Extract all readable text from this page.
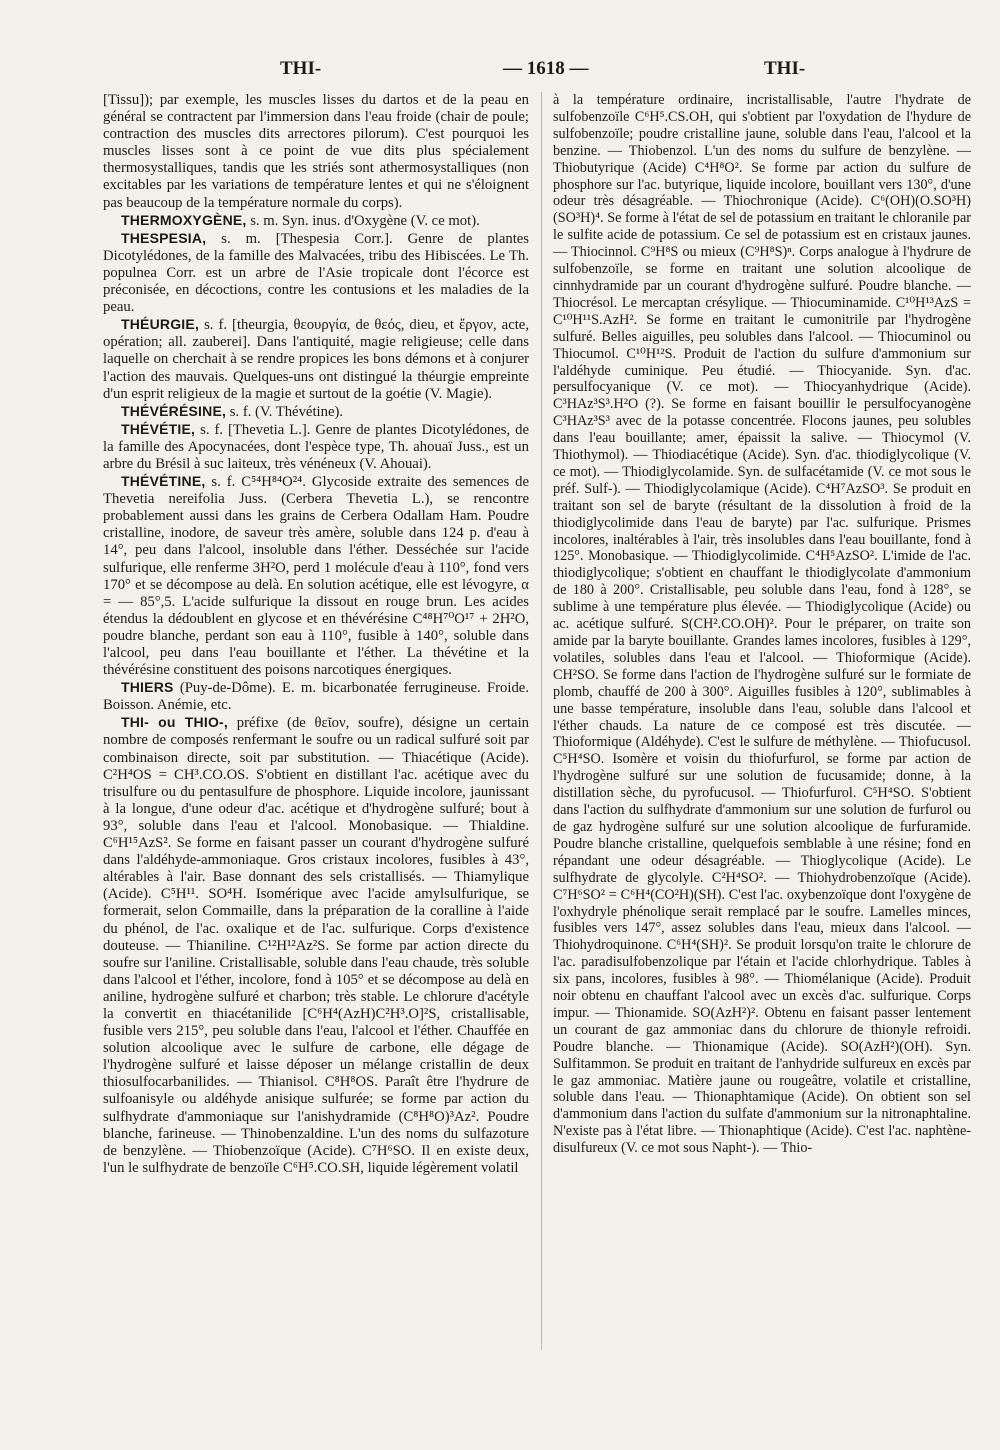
THI-	— 1618 —	THI-

[Tissu]); par exemple, les muscles lisses du dartos et de la peau en général se contractent par l'immersion dans l'eau froide (chair de poule; contraction des muscles dits arrectores pilorum). C'est pourquoi les muscles lisses sont à ce point de vue dits plus spécialement thermosystalliques, tandis que les striés sont athermosystalliques (non excitables par les variations de température lentes et qui ne s'éloignent pas beaucoup de la température normale du corps).

THERMOXYGÈNE, s. m. Syn. inus. d'Oxygène (V. ce mot).

THESPESIA, s. m. [Thespesia Corr.]. Genre de plantes Dicotylédones, de la famille des Malvacées, tribu des Hibiscées. Le Th. populnea Corr. est un arbre de l'Asie tropicale dont l'écorce est préconisée, en décoctions, contre les contusions et les maladies de la peau.

THÉURGIE, s. f. [theurgia, θεουργία, de θεός, dieu, et ἔργον, acte, opération; all. zauberei]. Dans l'antiquité, magie religieuse; celle dans laquelle on cherchait à se rendre propices les bons démons et à conjurer l'action des mauvais. Quelques-uns ont distingué la théurgie empreinte d'un esprit religieux de la magie et surtout de la goétie (V. Magie).

THÉVÉRÉSINE, s. f. (V. Thévétine).

THÉVÉTIE, s. f. [Thevetia L.]. Genre de plantes Dicotylédones, de la famille des Apocynacées, dont l'espèce type, Th. ahouaï Juss., est un arbre du Brésil à suc laiteux, très vénéneux (V. Ahouai).

THÉVÉTINE, s. f. C⁵⁴H⁸⁴O²⁴. Glycoside extraite des semences de Thevetia nereifolia Juss. (Cerbera Thevetia L.), se rencontre probablement aussi dans les grains de Cerbera Odallam Ham. Poudre cristalline, inodore, de saveur très amère, soluble dans 124 p. d'eau à 14°, peu dans l'alcool, insoluble dans l'éther. Desséchée sur l'acide sulfurique, elle renferme 3H²O, perd 1 molécule d'eau à 110°, fond vers 170° et se décompose au delà. En solution acétique, elle est lévogyre, α = — 85°,5. L'acide sulfurique la dissout en rouge brun. Les acides étendus la dédoublent en glycose et en thévérésine C⁴⁸H⁷⁰O¹⁷ + 2H²O, poudre blanche, perdant son eau à 110°, fusible à 140°, soluble dans l'alcool, peu dans l'eau bouillante et l'éther. La thévétine et la thévérésine constituent des poisons narcotiques énergiques.

THIERS (Puy-de-Dôme). E. m. bicarbonatée ferrugineuse. Froide. Boisson. Anémie, etc.

THI- ou THIO-, préfixe (de θεῖον, soufre), désigne un certain nombre de composés renfermant le soufre ou un radical sulfuré soit par combinaison directe, soit par substitution. — Thiacétique (Acide). C²H⁴OS = CH³.CO.OS. S'obtient en distillant l'ac. acétique avec du trisulfure ou du pentasulfure de phosphore. Liquide incolore, jaunissant à la longue, d'une odeur d'ac. acétique et d'hydrogène sulfuré; bout à 93°, soluble dans l'eau et l'alcool. Monobasique. — Thialdine. C⁶H¹⁵AzS². Se forme en faisant passer un courant d'hydrogène sulfuré dans l'aldéhyde-ammoniaque. Gros cristaux incolores, fusibles à 43°, altérables à l'air. Base donnant des sels cristallisés. — Thiamylique (Acide). C⁵H¹¹. SO⁴H. Isomérique avec l'acide amylsulfurique, se formerait, selon Commaille, dans la préparation de la coralline à l'aide du phénol, de l'ac. oxalique et de l'ac. sulfurique. Corps d'existence douteuse. — Thianiline. C¹²H¹²Az²S. Se forme par action directe du soufre sur l'aniline. Cristallisable, soluble dans l'eau chaude, très soluble dans l'alcool et l'éther, incolore, fond à 105° et se décompose au delà en aniline, hydrogène sulfuré et charbon; très stable. Le chlorure d'acétyle la convertit en thiacétanilide [C⁶H⁴(AzH)C²H³.O]²S, cristallisable, fusible vers 215°, peu soluble dans l'eau, l'alcool et l'éther. Chauffée en solution alcoolique avec le sulfure de carbone, elle dégage de l'hydrogène sulfuré et laisse déposer un mélange cristallin de deux thiosulfocarbanilides. — Thianisol. C⁸H⁸OS. Paraît être l'hydrure de sulfoanisyle ou aldéhyde anisique sulfurée; se forme par action du sulfhydrate d'ammoniaque sur l'anishydramide (C⁸H⁸O)³Az². Poudre blanche, farineuse. — Thinobenzaldine. L'un des noms du sulfazoture de benzylène. — Thiobenzoïque (Acide). C⁷H⁶SO. Il en existe deux, l'un le sulfhydrate de benzoïle C⁶H⁵.CO.SH, liquide légèrement volatil

à la température ordinaire, incristallisable, l'autre l'hydrate de sulfobenzoïle C⁶H⁵.CS.OH, qui s'obtient par l'oxydation de l'hydure de sulfobenzoïle; poudre cristalline jaune, soluble dans l'eau, l'alcool et la benzine. — Thiobenzol. L'un des noms du sulfure de benzylène. — Thiobutyrique (Acide) C⁴H⁸O². Se forme par action du sulfure de phosphore sur l'ac. butyrique, liquide incolore, bouillant vers 130°, d'une odeur très désagréable. — Thiochronique (Acide). C⁶(OH)(O.SO³H)(SO³H)⁴. Se forme à l'état de sel de potassium en traitant le chloranile par le sulfite acide de potassium. Ce sel de potassium est en cristaux jaunes. — Thiocinnol. C⁹H⁸S ou mieux (C⁹H⁸S)ⁿ. Corps analogue à l'hydrure de sulfobenzoïle, se forme en traitant une solution alcoolique de cinnhydramide par un courant d'hydrogène sulfuré. Poudre blanche. — Thiocrésol. Le mercaptan crésylique. — Thiocuminamide. C¹⁰H¹³AzS = C¹⁰H¹¹S.AzH². Se forme en traitant le cumonitrile par l'hydrogène sulfuré. Belles aiguilles, peu solubles dans l'alcool. — Thiocuminol ou Thiocumol. C¹⁰H¹²S. Produit de l'action du sulfure d'ammonium sur l'aldéhyde cuminique. Peu étudié. — Thiocyanide. Syn. d'ac. persulfocyanique (V. ce mot). — Thiocyanhydrique (Acide). C³HAz³S³.H²O (?). Se forme en faisant bouillir le persulfocyanogène C³HAz³S³ avec de la potasse concentrée. Flocons jaunes, peu solubles dans l'eau bouillante; amer, épaissit la salive. — Thiocymol (V. Thiothymol). — Thiodiacétique (Acide). Syn. d'ac. thiodiglycolique (V. ce mot). — Thiodiglycolamide. Syn. de sulfacétamide (V. ce mot sous le préf. Sulf-). — Thiodiglycolamique (Acide). C⁴H⁷AzSO³. Se produit en traitant son sel de baryte (résultant de la dissolution à froid de la thiodiglycolimide dans l'eau de baryte) par l'ac. sulfurique. Prismes incolores, inaltérables à l'air, très insolubles dans l'eau bouillante, fond à 125°. Monobasique. — Thiodiglycolimide. C⁴H⁵AzSO². L'imide de l'ac. thiodiglycolique; s'obtient en chauffant le thiodiglycolate d'ammonium de 180 à 200°. Cristallisable, peu soluble dans l'eau, fond à 128°, se sublime à une température plus élevée. — Thiodiglycolique (Acide) ou ac. acétique sulfuré. S(CH².CO.OH)². Pour le préparer, on traite son amide par la baryte bouillante. Grandes lames incolores, fusibles à 129°, volatiles, solubles dans l'eau et l'alcool. — Thioformique (Acide). CH²SO. Se forme dans l'action de l'hydrogène sulfuré sur le formiate de plomb, chauffé de 200 à 300°. Aiguilles fusibles à 120°, sublimables à une basse température, insoluble dans l'eau, soluble dans l'alcool et l'éther chauds. La nature de ce composé est très discutée. — Thioformique (Aldéhyde). C'est le sulfure de méthylène. — Thiofucusol. C⁵H⁴SO. Isomère et voisin du thiofurfurol, se forme par action de l'hydrogène sulfuré sur une solution de fucusamide; donne, à la distillation sèche, du pyrofucusol. — Thiofurfurol. C⁵H⁴SO. S'obtient dans l'action du sulfhydrate d'ammonium sur une solution de furfurol ou de gaz hydrogène sulfuré sur une solution alcoolique de furfuramide. Poudre blanche cristalline, quelquefois semblable à une résine; fond en répandant une odeur désagréable. — Thioglycolique (Acide). Le sulfhydrate de glycolyle. C²H⁴SO². — Thiohydrobenzoïque (Acide). C⁷H⁶SO² = C⁶H⁴(CO²H)(SH). C'est l'ac. oxybenzoïque dont l'oxygène de l'oxhydryle phénolique serait remplacé par le soufre. Lamelles minces, fusibles vers 147°, assez solubles dans l'eau, mieux dans l'alcool. — Thiohydroquinone. C⁶H⁴(SH)². Se produit lorsqu'on traite le chlorure de l'ac. paradisulfobenzolique par l'étain et l'acide chlorhydrique. Tables à six pans, incolores, fusibles à 98°. — Thiomélanique (Acide). Produit noir obtenu en chauffant l'alcool avec un excès d'ac. sulfurique. Corps impur. — Thionamide. SO(AzH²)². Obtenu en faisant passer lentement un courant de gaz ammoniac dans du chlorure de thionyle refroidi. Poudre blanche. — Thionamique (Acide). SO(AzH²)(OH). Syn. Sulfitammon. Se produit en traitant de l'anhydride sulfureux en excès par le gaz ammoniac. Matière jaune ou rougeâtre, volatile et cristalline, soluble dans l'eau. — Thionaphtamique (Acide). On obtient son sel d'ammonium dans l'action du sulfate d'ammonium sur la nitronaphtaline. N'existe pas à l'état libre. — Thionaphtique (Acide). C'est l'ac. naphtène-disulfureux (V. ce mot sous Napht-). — Thio-
